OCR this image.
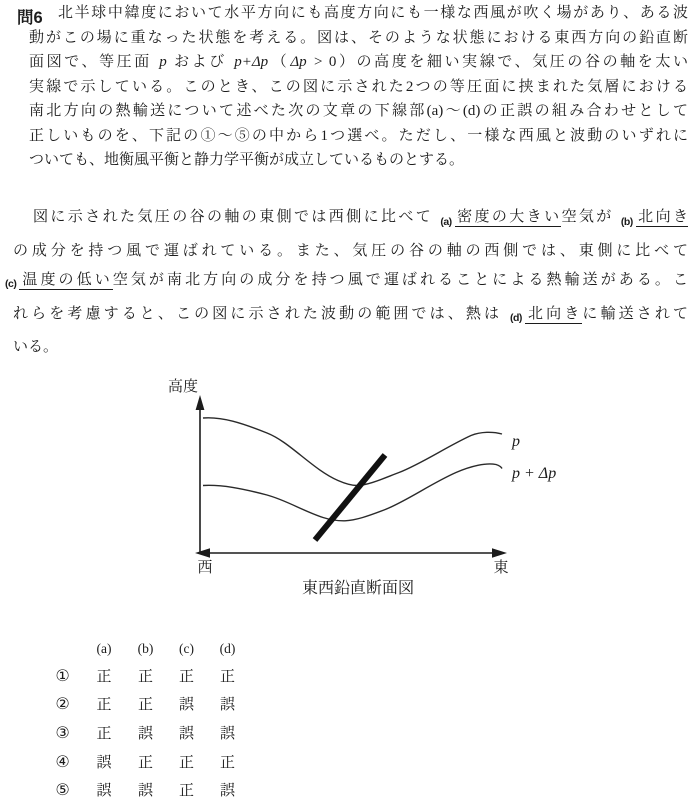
問6	北半球中緯度において水平方向にも高度方向にも一様な西風が吹く場があり、ある波
動がこの場に重なった状態を考える。図は、そのような状態における東西方向の鉛直断
面図で、等圧面 p および p+Δp（Δp > 0）の高度を細い実線で、気圧の谷の軸を太い
実線で示している。このとき、この図に示された2つの等圧面に挟まれた気層における
南北方向の熱輸送について述べた次の文章の下線部(a)～(d)の正誤の組み合わせとして
正しいものを、下記の①～⑤の中から1つ選べ。ただし、一様な西風と波動のいずれに
ついても、地衡風平衡と静力学平衡が成立しているものとする。
図に示された気圧の谷の軸の東側では西側に比べて $_{(a)}$ 密度の大きい空気が $_{(b)}$ 北向き
の成分を持つ風で運ばれている。また、気圧の谷の軸の西側では、東側に比べて
$_{(c)}$ 温度の低い空気が南北方向の成分を持つ風で運ばれることによる熱輸送がある。こ
れらを考慮すると、この図に示された波動の範囲では、熱は $_{(d)}$ 北向きに輸送されて
いる。
高度
p
p + Δp
西	東
東西鉛直断面図
(a)	(b)	(c)	(d)
①	正	正	正	正
②	正	正	誤	誤
③	正	誤	誤	誤
④	誤	正	正	正
⑤	誤	誤	正	誤
